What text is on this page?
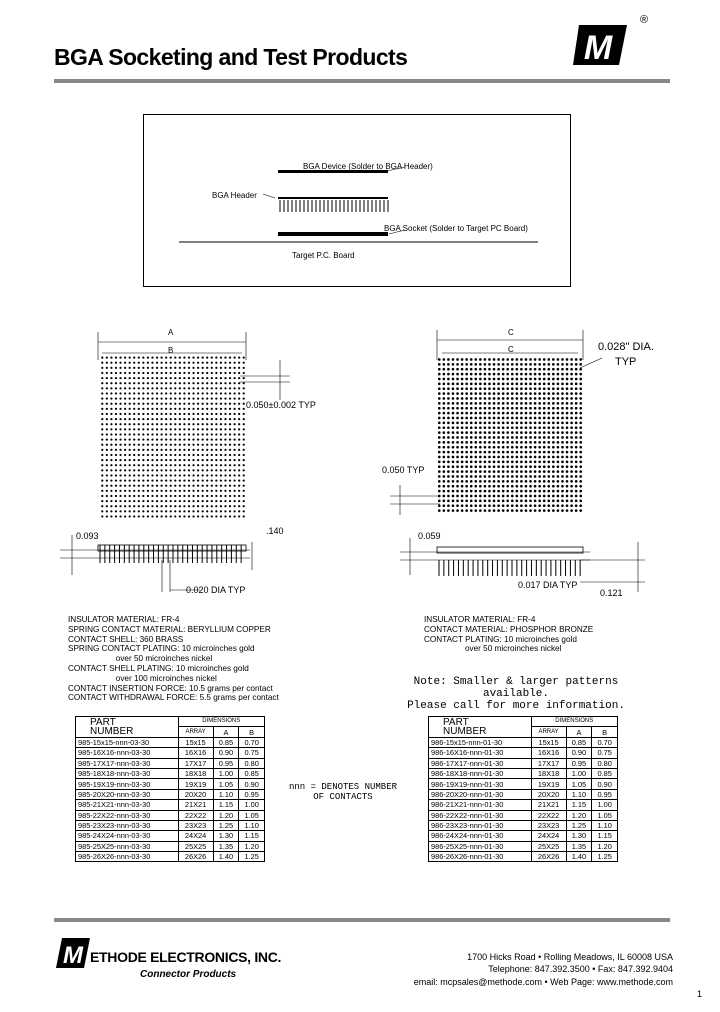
M
®
BGA Socketing and Test Products
BGA Device (Solder to BGA Header)
BGA Header
BGA Socket (Solder to Target PC Board)
Target P.C. Board
A
B
0.050±0.002 TYP
0.093	.140
0.020 DIA TYP
C
C	0.028" DIA.
TYP
0.050 TYP
0.059
0.017 DIA TYP
0.121
INSULATOR MATERIAL: FR-4
SPRING CONTACT MATERIAL: BERYLLIUM COPPER
CONTACT SHELL: 360 BRASS
SPRING CONTACT PLATING: 10 microinches gold
over 50 microinches nickel
CONTACT SHELL PLATING: 10 microinches gold
over 100 microinches nickel
CONTACT INSERTION FORCE: 10.5 grams per contact
CONTACT WITHDRAWAL FORCE: 5.5 grams per contact
INSULATOR MATERIAL: FR-4
CONTACT MATERIAL: PHOSPHOR BRONZE
CONTACT PLATING: 10 microinches gold
over 50 microinches nickel
Note: Smaller & larger patterns available.
Please call for more information.
nnn = DENOTES NUMBER
OF CONTACTS
PART
NUMBER	DIMENSIONS		
	ARRAY	A	B
985-15x15-nnn-03-30	15x15	0.85	0.70
985-16X16-nnn-03-30	16X16	0.90	0.75
985-17X17-nnn-03-30	17X17	0.95	0.80
985-18X18-nnn-03-30	18X18	1.00	0.85
985-19X19-nnn-03-30	19X19	1.05	0.90
985-20X20-nnn-03-30	20X20	1.10	0.95
985-21X21-nnn-03-30	21X21	1.15	1.00
985-22X22-nnn-03-30	22X22	1.20	1.05
985-23X23-nnn-03-30	23X23	1.25	1.10
985-24X24-nnn-03-30	24X24	1.30	1.15
985-25X25-nnn-03-30	25X25	1.35	1.20
985-26X26-nnn-03-30	26X26	1.40	1.25
PART
NUMBER	DIMENSIONS		
	ARRAY	A	B
986-15x15-nnn-01-30	15x15	0.85	0.70
986-16X16-nnn-01-30	16X16	0.90	0.75
986-17X17-nnn-01-30	17X17	0.95	0.80
986-18X18-nnn-01-30	18X18	1.00	0.85
986-19X19-nnn-01-30	19X19	1.05	0.90
986-20X20-nnn-01-30	20X20	1.10	0.95
986-21X21-nnn-01-30	21X21	1.15	1.00
986-22X22-nnn-01-30	22X22	1.20	1.05
986-23X23-nnn-01-30	23X23	1.25	1.10
986-24X24-nnn-01-30	24X24	1.30	1.15
986-25X25-nnn-01-30	25X25	1.35	1.20
986-26X26-nnn-01-30	26X26	1.40	1.25
M ETHODE ELECTRONICS, INC.
Connector Products
1700 Hicks Road • Rolling Meadows, IL 60008 USA
Telephone: 847.392.3500 • Fax: 847.392.9404
email: mcpsales@methode.com • Web Page: www.methode.com
1
